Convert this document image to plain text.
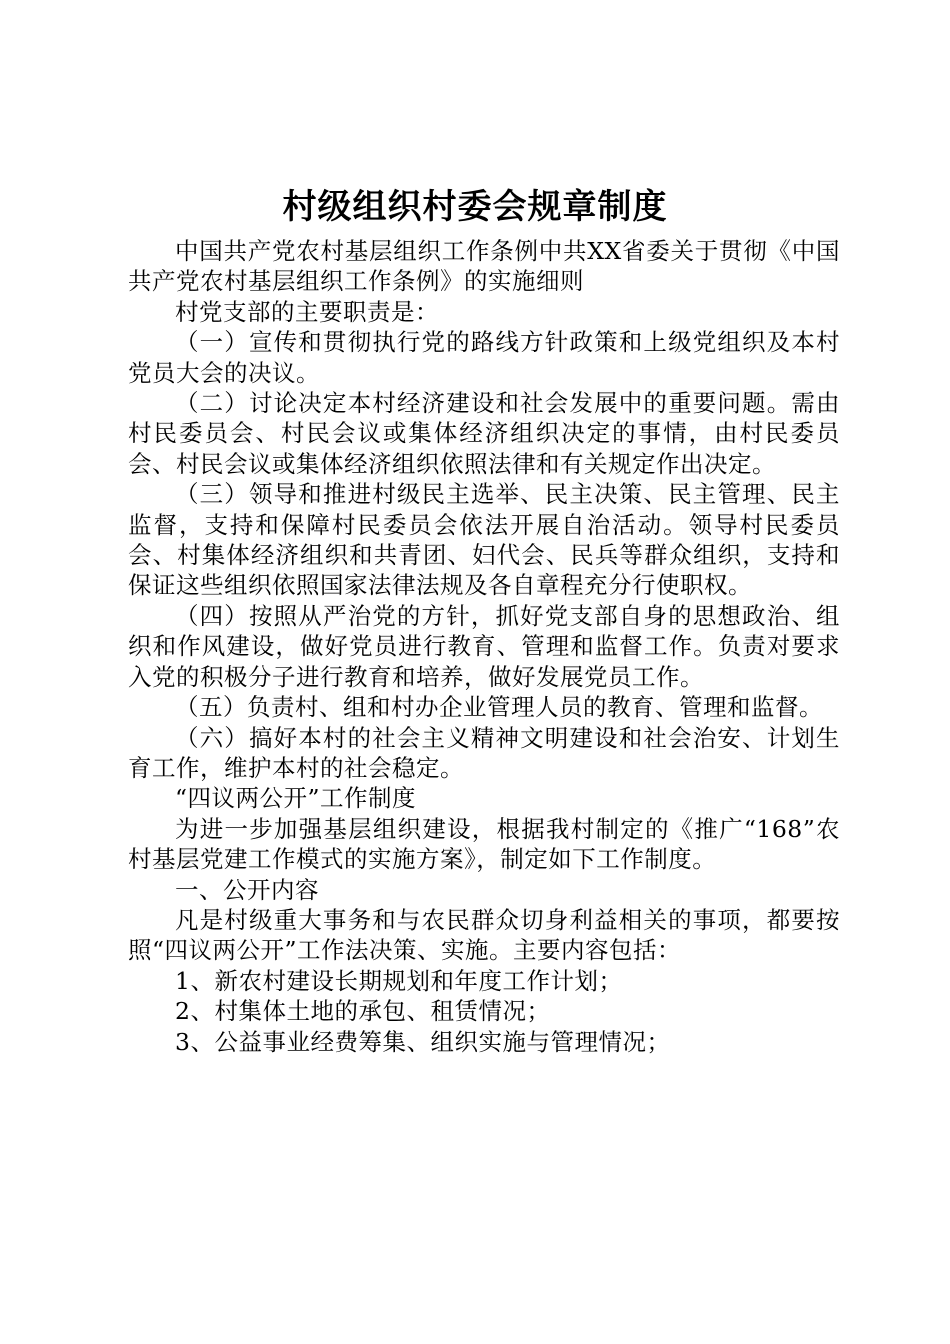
村级组织村委会规章制度

中国共产党农村基层组织工作条例中共XX省委关于贯彻《中国共产党农村基层组织工作条例》的实施细则

村党支部的主要职责是：

（一）宣传和贯彻执行党的路线方针政策和上级党组织及本村党员大会的决议。

（二）讨论决定本村经济建设和社会发展中的重要问题。需由村民委员会、村民会议或集体经济组织决定的事情，由村民委员会、村民会议或集体经济组织依照法律和有关规定作出决定。

（三）领导和推进村级民主选举、民主决策、民主管理、民主监督，支持和保障村民委员会依法开展自治活动。领导村民委员会、村集体经济组织和共青团、妇代会、民兵等群众组织，支持和保证这些组织依照国家法律法规及各自章程充分行使职权。

（四）按照从严治党的方针，抓好党支部自身的思想政治、组织和作风建设，做好党员进行教育、管理和监督工作。负责对要求入党的积极分子进行教育和培养，做好发展党员工作。

（五）负责村、组和村办企业管理人员的教育、管理和监督。

（六）搞好本村的社会主义精神文明建设和社会治安、计划生育工作，维护本村的社会稳定。

“四议两公开”工作制度

为进一步加强基层组织建设，根据我村制定的《推广“168”农村基层党建工作模式的实施方案》，制定如下工作制度。

一、公开内容

凡是村级重大事务和与农民群众切身利益相关的事项，都要按照“四议两公开”工作法决策、实施。主要内容包括：

1、新农村建设长期规划和年度工作计划；

2、村集体土地的承包、租赁情况；

3、公益事业经费筹集、组织实施与管理情况；
